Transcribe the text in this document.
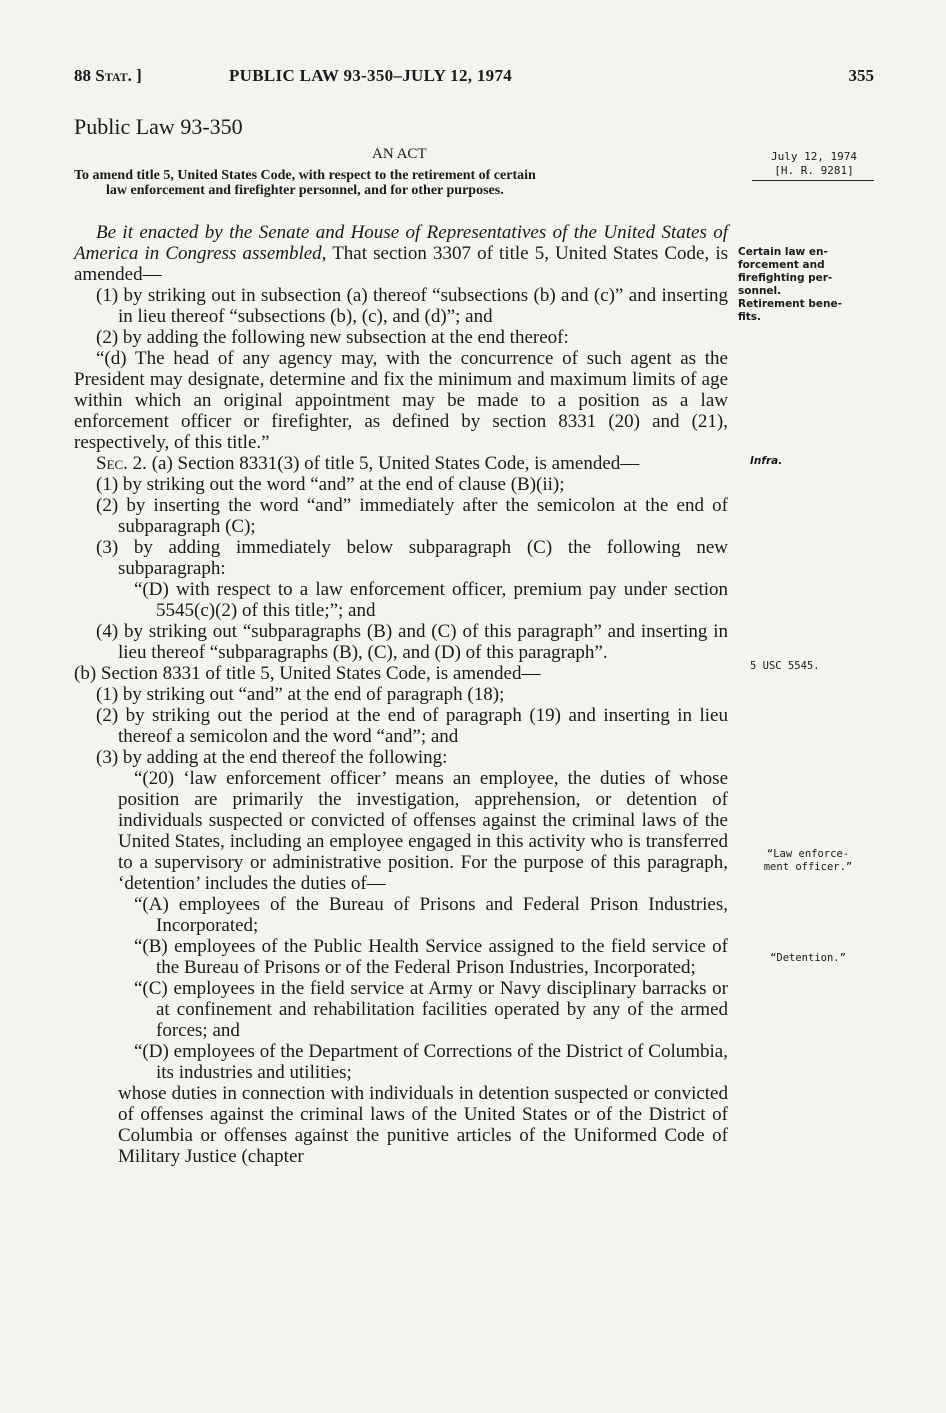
88 Stat. ]	PUBLIC LAW 93-350–JULY 12, 1974	355
Public Law 93-350
AN ACT
To amend title 5, United States Code, with respect to the retirement of certain
law enforcement and firefighter personnel, and for other purposes.
July 12, 1974
[H. R. 9281]

Be it enacted by the Senate and House of Representatives of the United States of America in Congress assembled, That section 3307 of title 5, United States Code, is amended—

(1) by striking out in subsection (a) thereof “subsections (b) and (c)” and inserting in lieu thereof “subsections (b), (c), and (d)”; and

(2) by adding the following new subsection at the end thereof:

“(d) The head of any agency may, with the concurrence of such agent as the President may designate, determine and fix the minimum and maximum limits of age within which an original appointment may be made to a position as a law enforcement officer or firefighter, as defined by section 8331 (20) and (21), respectively, of this title.”

Sec. 2. (a) Section 8331(3) of title 5, United States Code, is amended—

(1) by striking out the word “and” at the end of clause (B)(ii);

(2) by inserting the word “and” immediately after the semicolon at the end of subparagraph (C);

(3) by adding immediately below subparagraph (C) the following new subparagraph:

“(D) with respect to a law enforcement officer, premium pay under section 5545(c)(2) of this title;”; and

(4) by striking out “subparagraphs (B) and (C) of this paragraph” and inserting in lieu thereof “subparagraphs (B), (C), and (D) of this paragraph”.

(b) Section 8331 of title 5, United States Code, is amended—

(1) by striking out “and” at the end of paragraph (18);

(2) by striking out the period at the end of paragraph (19) and inserting in lieu thereof a semicolon and the word “and”; and

(3) by adding at the end thereof the following:

“(20) ‘law enforcement officer’ means an employee, the duties of whose position are primarily the investigation, apprehension, or detention of individuals suspected or convicted of offenses against the criminal laws of the United States, including an employee engaged in this activity who is transferred to a supervisory or administrative position. For the purpose of this paragraph, ‘detention’ includes the duties of—

“(A) employees of the Bureau of Prisons and Federal Prison Industries, Incorporated;

“(B) employees of the Public Health Service assigned to the field service of the Bureau of Prisons or of the Federal Prison Industries, Incorporated;

“(C) employees in the field service at Army or Navy disciplinary barracks or at confinement and rehabilitation facilities operated by any of the armed forces; and

“(D) employees of the Department of Corrections of the District of Columbia, its industries and utilities;

whose duties in connection with individuals in detention suspected or convicted of offenses against the criminal laws of the United States or of the District of Columbia or offenses against the punitive articles of the Uniformed Code of Military Justice (chapter

Certain law en-
forcement and
firefighting per-
sonnel.
Retirement bene-
fits.
Infra.
5 USC 5545.
“Law enforce-
ment officer.”
“Detention.”
